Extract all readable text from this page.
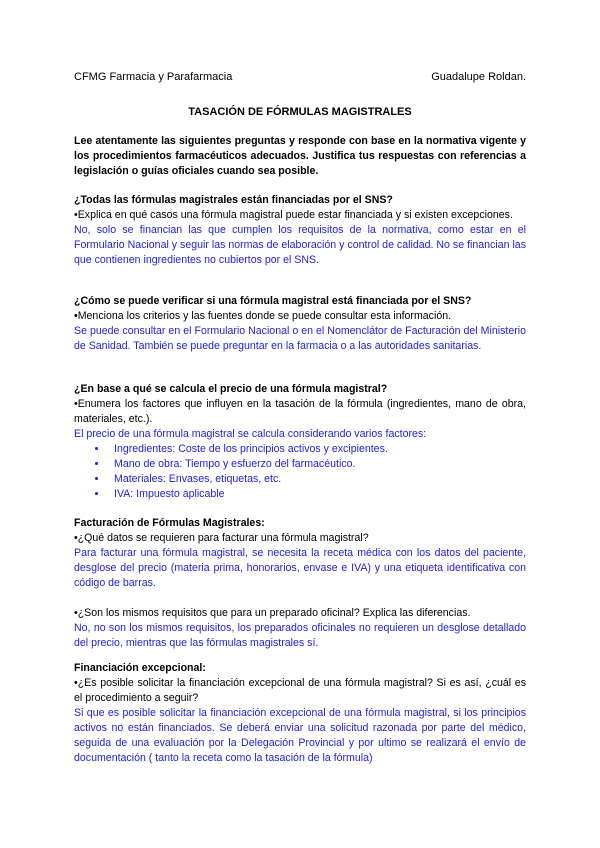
CFMG Farmacia y Parafarmacia	Guadalupe Roldan.
TASACIÓN DE FÓRMULAS MAGISTRALES

Lee atentamente las siguientes preguntas y responde con base en la normativa vigente y los procedimientos farmacéuticos adecuados. Justifica tus respuestas con referencias a legislación o guías oficiales cuando sea posible.

¿Todas las fórmulas magistrales están financiadas por el SNS?

•Explica en qué casos una fórmula magistral puede estar financiada y si existen excepciones.

No, solo se financian las que cumplen los requisitos de la normativa, como estar en el Formulario Nacional y seguir las normas de elaboración y control de calidad. No se financian las que contienen ingredientes no cubiertos por el SNS.

¿Cómo se puede verificar si una fórmula magistral está financiada por el SNS?

•Menciona los criterios y las fuentes donde se puede consultar esta información.

Se puede consultar en el Formulario Nacional o en el Nomenclátor de Facturación del Ministerio de Sanidad. También se puede preguntar en la farmacia o a las autoridades sanitarias.

¿En base a qué se calcula el precio de una fórmula magistral?

•Enumera los factores que influyen en la tasación de la fórmula (ingredientes, mano de obra, materiales, etc.).

El precio de una fórmula magistral se calcula considerando varios factores:

• Ingredientes: Coste de los principios activos y excipientes.
• Mano de obra: Tiempo y esfuerzo del farmacéutico.
• Materiales: Envases, etiquetas, etc.
• IVA: Impuesto aplicable

Facturación de Fórmulas Magistrales:

•¿Qué datos se requieren para facturar una fórmula magistral?

Para facturar una fórmula magistral, se necesita la receta médica con los datos del paciente, desglose del precio (materia prima, honorarios, envase e IVA) y una etiqueta identificativa con código de barras.

•¿Son los mismos requisitos que para un preparado oficinal? Explica las diferencias.

No, no son los mismos requisitos, los preparados oficinales no requieren un desglose detallado del precio, mientras que las fórmulas magistrales sí.

Financiación excepcional:

•¿Es posible solicitar la financiación excepcional de una fórmula magistral? Si es así, ¿cuál es el procedimiento a seguir?

Si que es posible solicitar la financiación excepcional de una fórmula magistral, si los principios activos no están financiados. Se deberá enviar una solicitud razonada por parte del médico, seguida de una evaluación por la Delegación Provincial y por ultimo se realizará el envío de documentación ( tanto la receta como la tasación de la fórmula)
